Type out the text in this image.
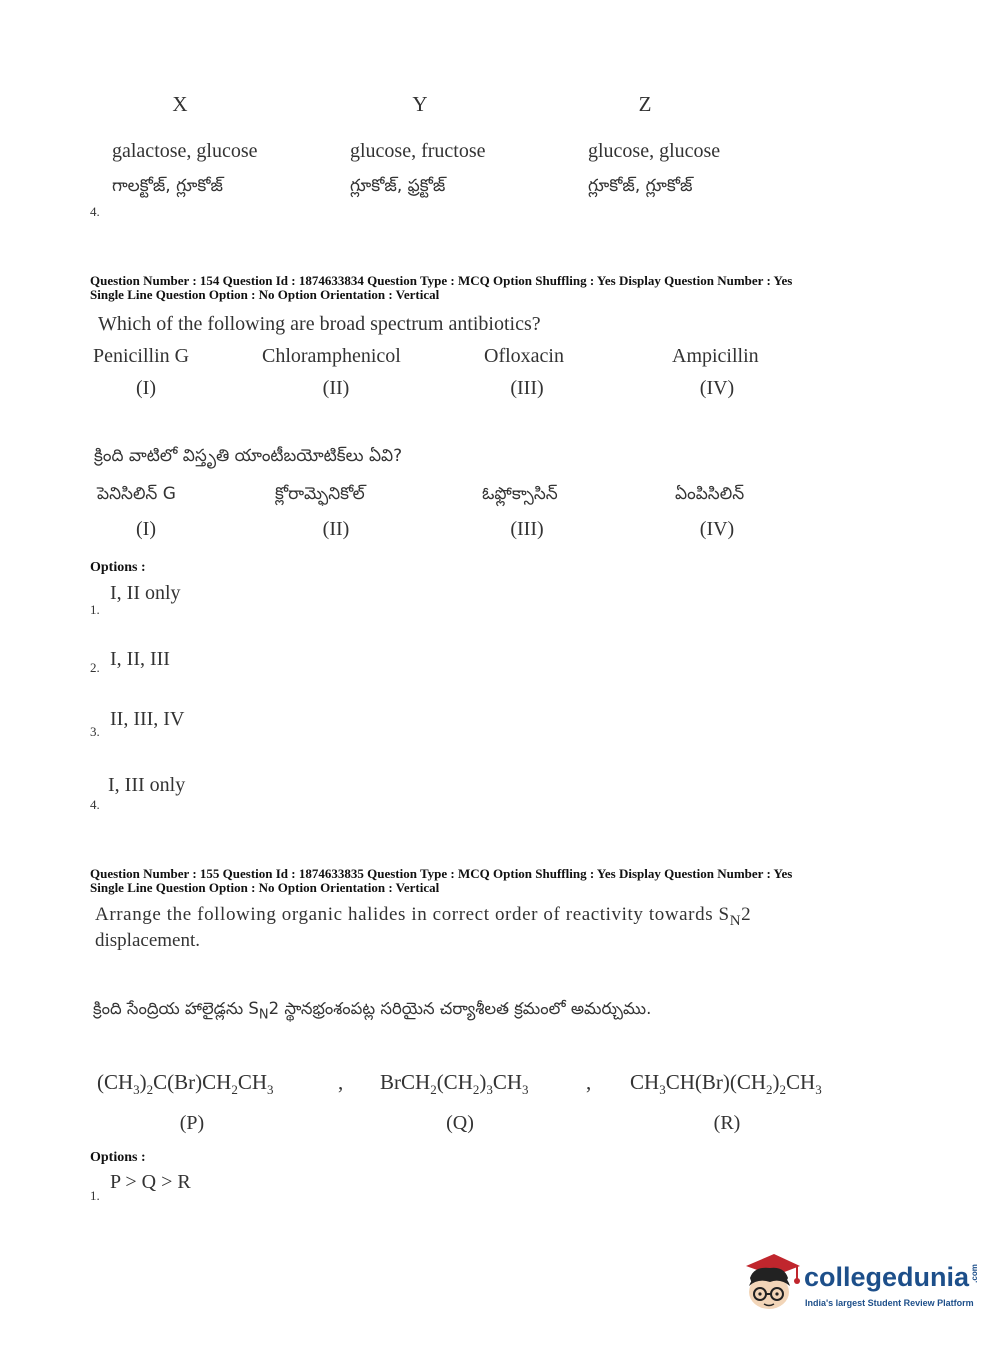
X	Y	Z
galactose, glucose	glucose, fructose	glucose, glucose
గాలక్టోజ్, గ్లూకోజ్	గ్లూకోజ్, ఫ్రక్టోజ్	గ్లూకోజ్, గ్లూకోజ్
4.
Question Number : 154 Question Id : 1874633834 Question Type : MCQ Option Shuffling : Yes Display Question Number : Yes
Single Line Question Option : No Option Orientation : Vertical
Which of the following are broad spectrum antibiotics?
Penicillin G	Chloramphenicol	Ofloxacin	Ampicillin
(I)	(II)	(III)	(IV)
క్రింది వాటిలో విస్తృతి యాంటీబయోటిక్‌లు ఏవి?
పెనిసిలిన్ G	క్లోరామ్ఫెనికోల్	ఓఫ్లోక్సాసిన్	ఏంపిసిలిన్
(I)	(II)	(III)	(IV)
Options :
I, II only
1.
I, II, III
2.
II, III, IV
3.
I, III only
4.
Question Number : 155 Question Id : 1874633835 Question Type : MCQ Option Shuffling : Yes Display Question Number : Yes
Single Line Question Option : No Option Orientation : Vertical
Arrange the following organic halides in correct order of reactivity towards $S_N2$
displacement.
క్రింది సేంద్రియ హాలైడ్లను $S_N2$ స్థానభ్రంశంపట్ల సరియైన చర్యాశీలత క్రమంలో అమర్చుము.
$(CH_3)_2C(Br)CH_2CH_3$	, $BrCH_2(CH_2)_3CH_3$	, $CH_3CH(Br)(CH_2)_2CH_3$
(P)	(Q)	(R)
Options :
P > Q > R
1.
collegedunia.com
India's largest Student Review Platform
